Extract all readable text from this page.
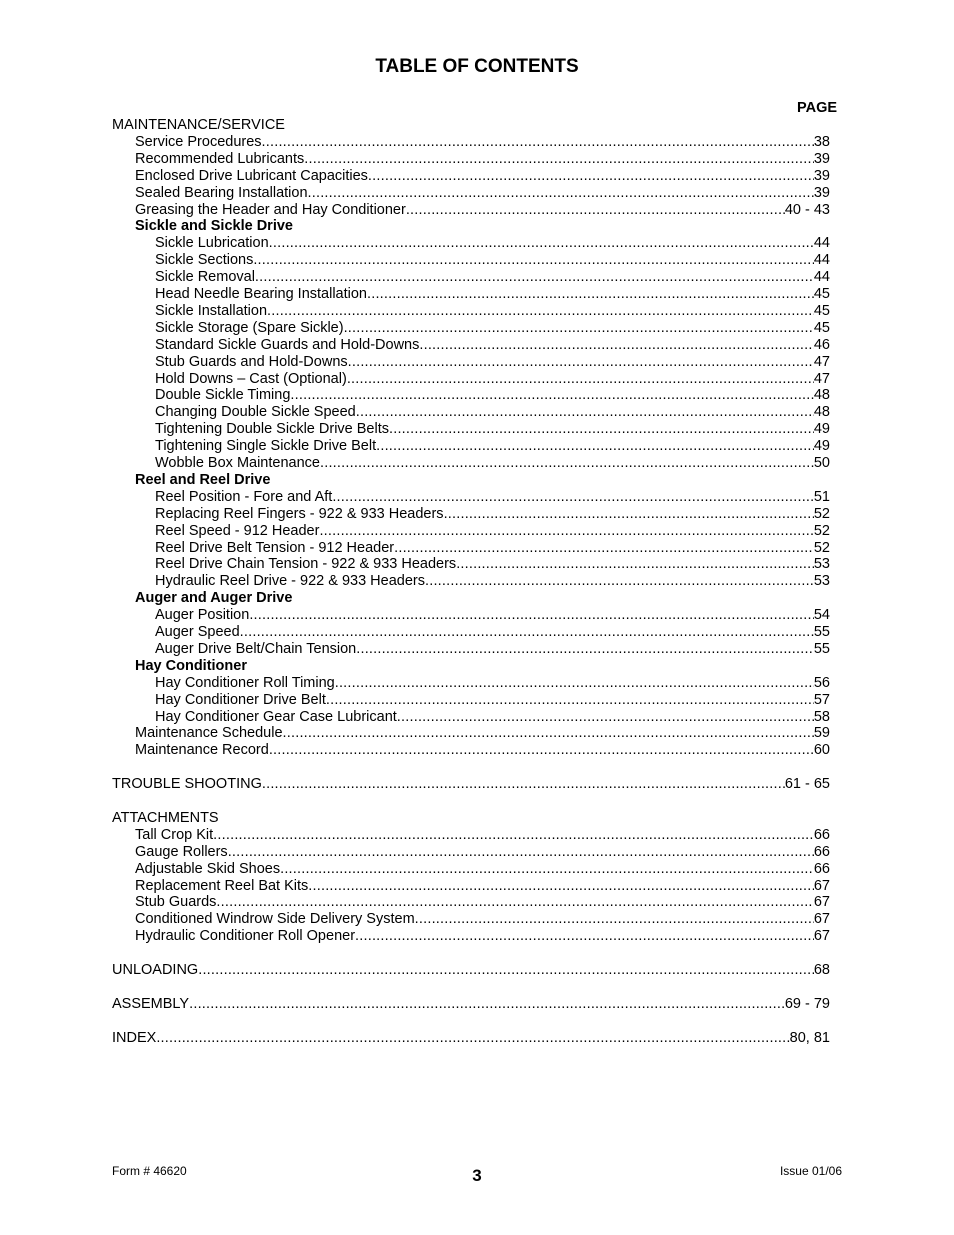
TABLE OF CONTENTS
PAGE
MAINTENANCE/SERVICE
Service Procedures .....	38
Recommended Lubricants .....	39
Enclosed Drive Lubricant Capacities .....	39
Sealed Bearing Installation .....	39
Greasing the Header and Hay Conditioner .....	40 - 43
Sickle and Sickle Drive
Sickle Lubrication .....	44
Sickle Sections .....	44
Sickle Removal .....	44
Head Needle Bearing Installation .....	45
Sickle Installation .....	45
Sickle Storage (Spare Sickle) .....	45
Standard Sickle Guards and Hold-Downs .....	46
Stub Guards and Hold-Downs .....	47
Hold Downs – Cast (Optional) .....	47
Double Sickle Timing .....	48
Changing Double Sickle Speed .....	48
Tightening Double Sickle Drive Belts .....	49
Tightening Single Sickle Drive Belt .....	49
Wobble Box Maintenance .....	50
Reel and Reel Drive
Reel Position - Fore and Aft .....	51
Replacing Reel Fingers - 922 & 933 Headers .....	52
Reel Speed - 912 Header .....	52
Reel Drive Belt Tension - 912 Header .....	52
Reel Drive Chain Tension - 922 & 933 Headers .....	53
Hydraulic Reel Drive - 922 & 933 Headers .....	53
Auger and Auger Drive
Auger Position .....	54
Auger Speed .....	55
Auger Drive Belt/Chain Tension .....	55
Hay Conditioner
Hay Conditioner Roll Timing .....	56
Hay Conditioner Drive Belt .....	57
Hay Conditioner Gear Case Lubricant .....	58
Maintenance Schedule .....	59
Maintenance Record .....	60
TROUBLE SHOOTING .....	61 - 65
ATTACHMENTS
Tall Crop Kit .....	66
Gauge Rollers .....	66
Adjustable Skid Shoes .....	66
Replacement Reel Bat Kits .....	67
Stub Guards .....	67
Conditioned Windrow Side Delivery System .....	67
Hydraulic Conditioner Roll Opener .....	67
UNLOADING .....	68
ASSEMBLY .....	69 - 79
INDEX .....	80, 81
Form # 46620	3	Issue 01/06
